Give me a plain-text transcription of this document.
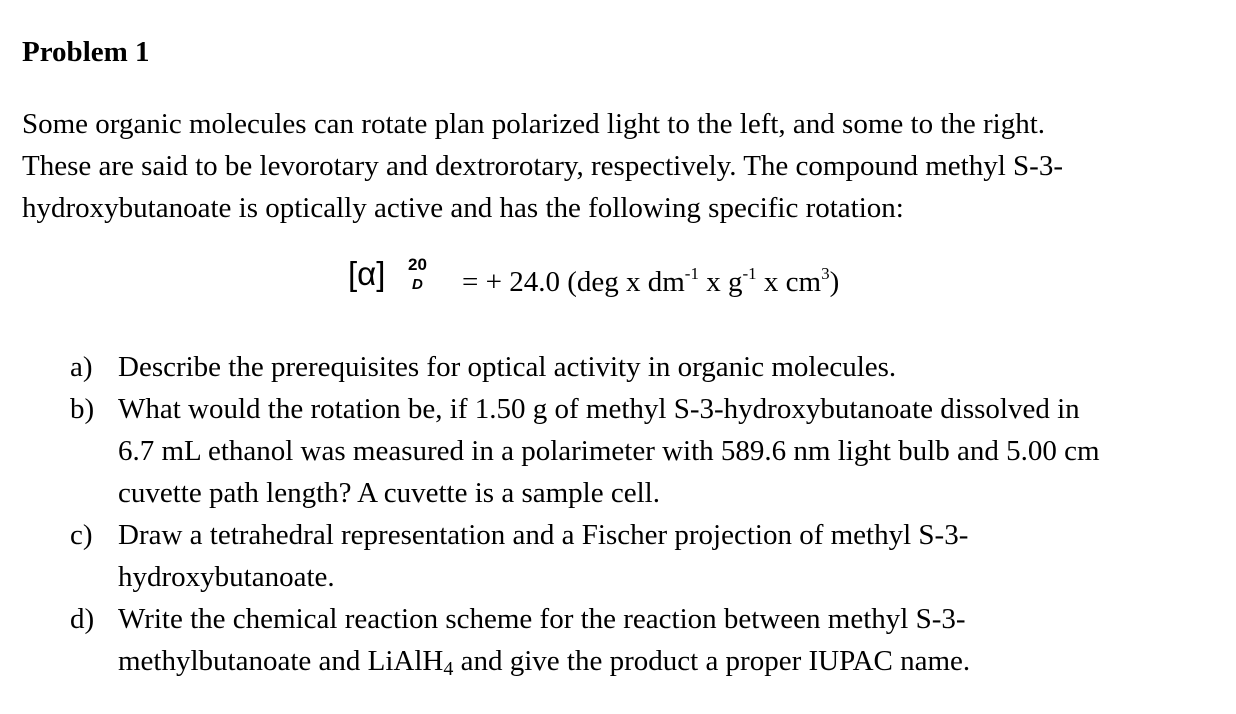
Problem 1
Some organic molecules can rotate plan polarized light to the left, and some to the right.
These are said to be levorotary and dextrorotary, respectively. The compound methyl S-3-
hydroxybutanoate is optically active and has the following specific rotation:
[α] 20
D = + 24.0 (deg x $dm^{-1}$ x $g^{-1}$ x $cm^3$)
a) Describe the prerequisites for optical activity in organic molecules.
b) What would the rotation be, if 1.50 g of methyl S-3-hydroxybutanoate dissolved in
6.7 mL ethanol was measured in a polarimeter with 589.6 nm light bulb and 5.00 cm
cuvette path length? A cuvette is a sample cell.
c) Draw a tetrahedral representation and a Fischer projection of methyl S-3-
hydroxybutanoate.
d) Write the chemical reaction scheme for the reaction between methyl S-3-
methylbutanoate and LiAlH$_4$ and give the product a proper IUPAC name.
